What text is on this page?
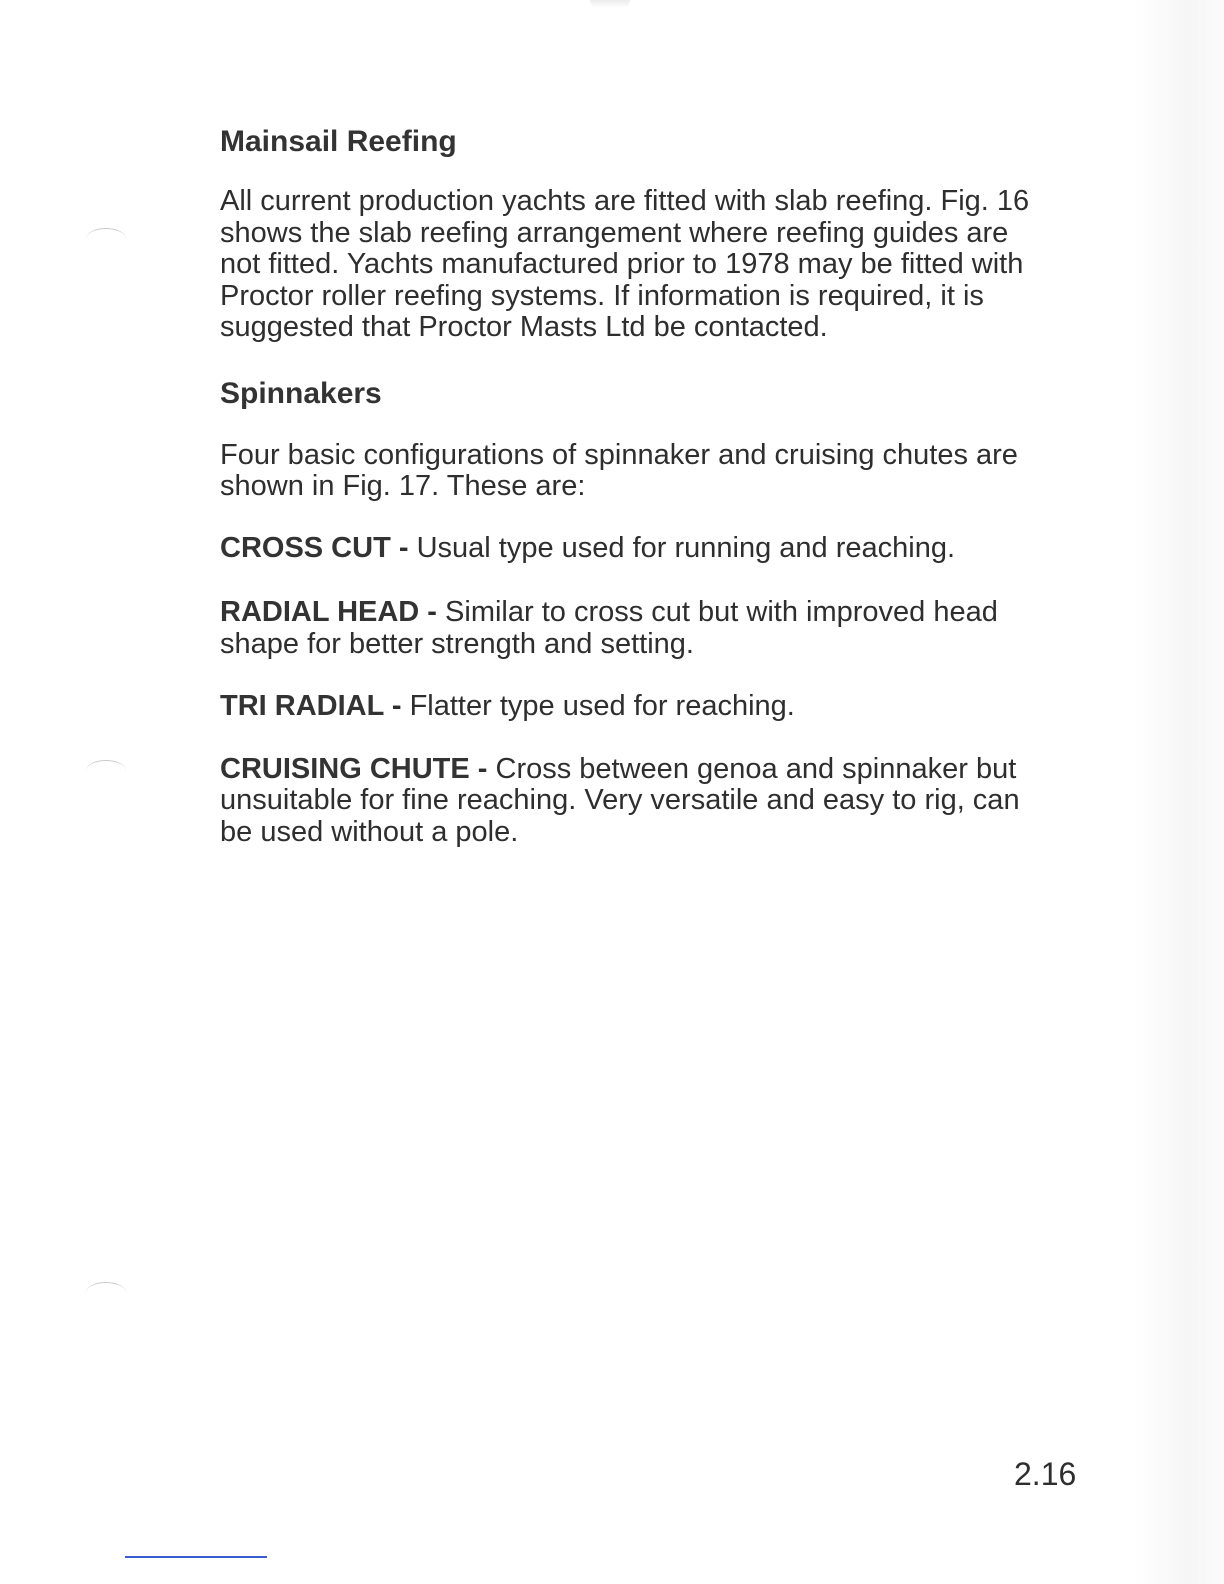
Mainsail Reefing

All current production yachts are fitted with slab reefing. Fig. 16 shows the slab reefing arrangement where reefing guides are not fitted. Yachts manufactured prior to 1978 may be fitted with Proctor roller reefing systems. If information is required, it is suggested that Proctor Masts Ltd be contacted.

Spinnakers

Four basic configurations of spinnaker and cruising chutes are shown in Fig. 17. These are:

CROSS CUT - Usual type used for running and reaching.

RADIAL HEAD - Similar to cross cut but with improved head shape for better strength and setting.

TRI RADIAL - Flatter type used for reaching.

CRUISING CHUTE - Cross between genoa and spinnaker but unsuitable for fine reaching. Very versatile and easy to rig, can be used without a pole.

2.16
